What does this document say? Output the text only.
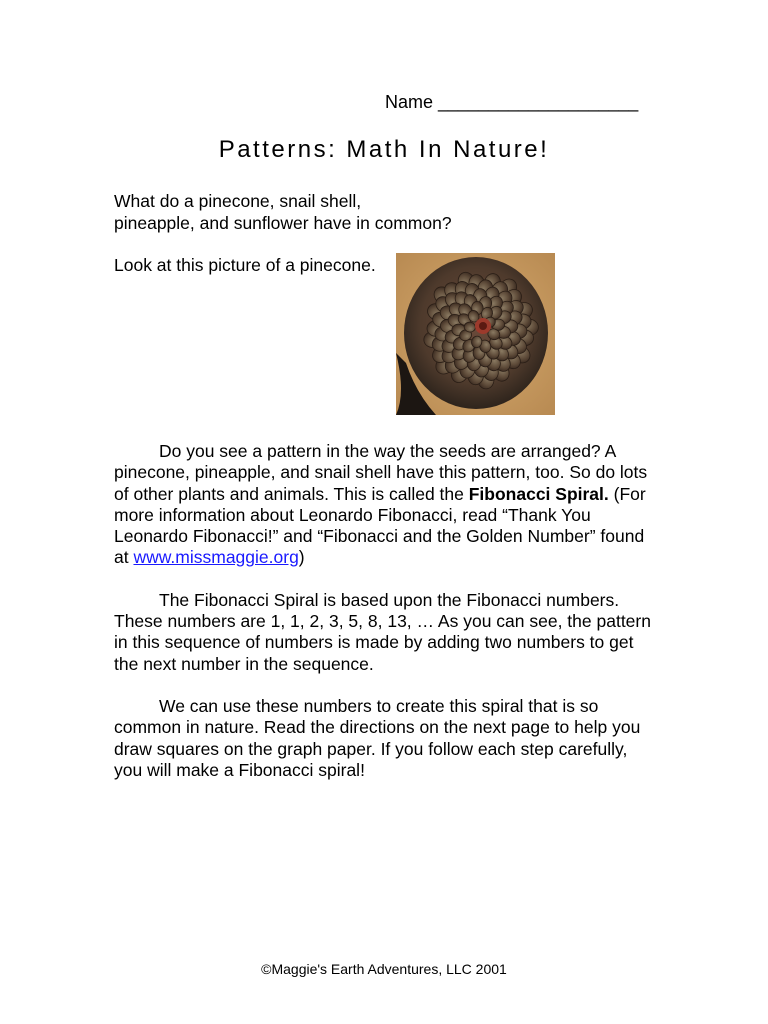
Name ____________________
Patterns: Math In Nature!

What do a pinecone, snail shell,
pineapple, and sunflower have in common?

Look at this picture of a pinecone.

Do you see a pattern in the way the seeds are arranged? A pinecone, pineapple, and snail shell have this pattern, too. So do lots of other plants and animals. This is called the Fibonacci Spiral. (For more information about Leonardo Fibonacci, read “Thank You Leonardo Fibonacci!” and “Fibonacci and the Golden Number” found at www.missmaggie.org)

The Fibonacci Spiral is based upon the Fibonacci numbers. These numbers are 1, 1, 2, 3, 5, 8, 13, … As you can see, the pattern in this sequence of numbers is made by adding two numbers to get the next number in the sequence.

We can use these numbers to create this spiral that is so common in nature. Read the directions on the next page to help you draw squares on the graph paper. If you follow each step carefully, you will make a Fibonacci spiral!

©Maggie's Earth Adventures, LLC 2001
